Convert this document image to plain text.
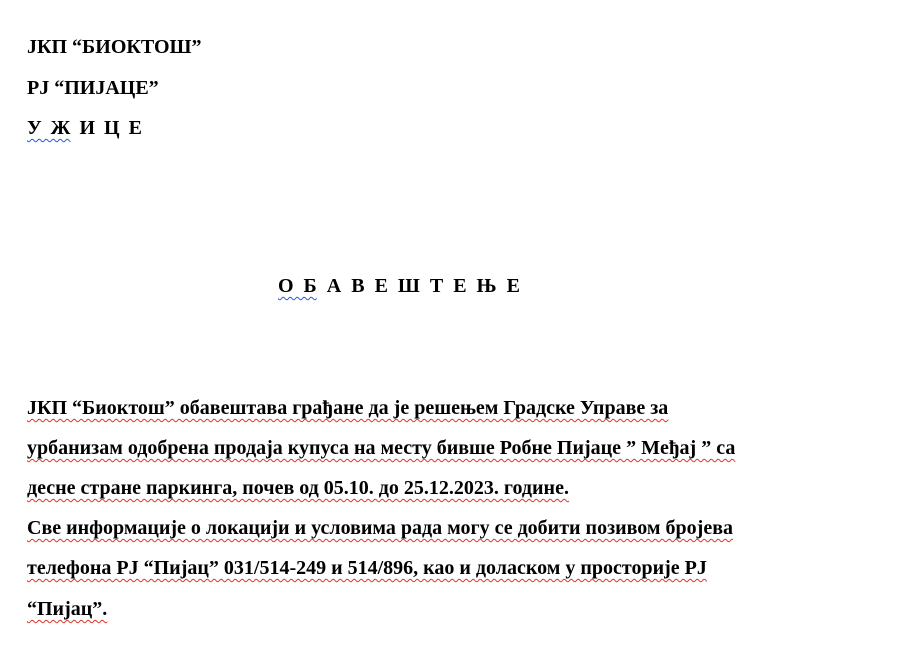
ЈКП “БИОКТОШ”
РЈ “ПИЈАЦЕ”
У Ж И Ц Е
О Б А В Е Ш Т Е Њ Е
ЈКП “Биоктош” обавештава грађане да је решењем Градске Управе за
урбанизам одобрена продаја купуса на месту бивше Робне Пијаце ” Мeђај ” са
десне стране паркинга, почев од 05.10. до 25.12.2023. године.
Све информације о локацији и условима рада могу се добити позивом бројева
телефона РЈ “Пијац” 031/514-249 и 514/896, као и доласком у просторије РЈ
“Пијац”.
